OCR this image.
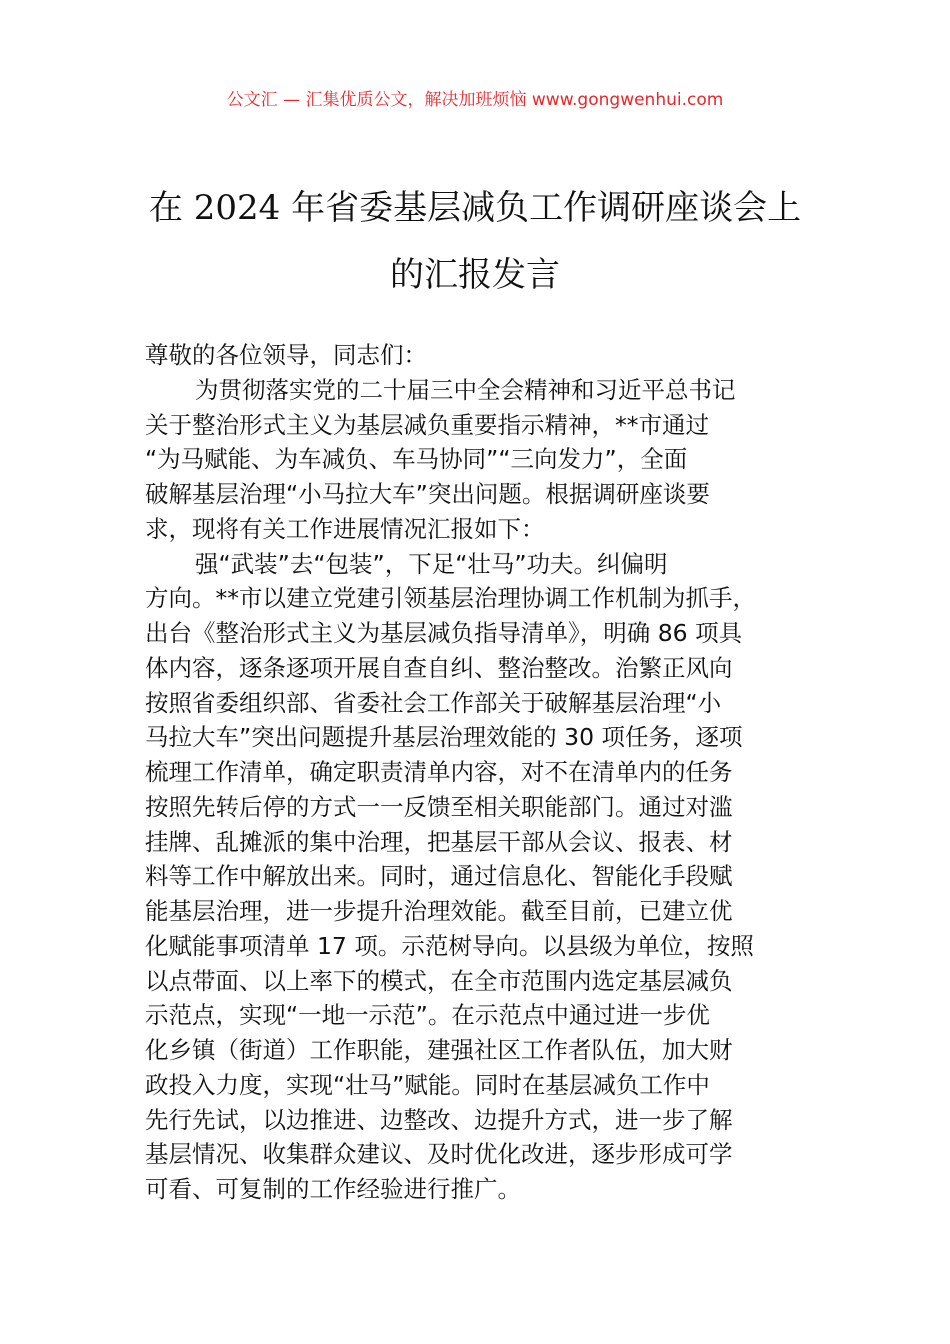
公文汇 — 汇集优质公文，解决加班烦恼 www.gongwenhui.com
在 2024 年省委基层减负工作调研座谈会上
的汇报发言
尊敬的各位领导，同志们：
为贯彻落实党的二十届三中全会精神和习近平总书记
关于整治形式主义为基层减负重要指示精神，**市通过
“为马赋能、为车减负、车马协同”“三向发力”，全面
破解基层治理“小马拉大车”突出问题。根据调研座谈要
求，现将有关工作进展情况汇报如下：
强“武装”去“包装”，下足“壮马”功夫。纠偏明
方向。**市以建立党建引领基层治理协调工作机制为抓手，
出台《整治形式主义为基层减负指导清单》，明确 86 项具
体内容，逐条逐项开展自查自纠、整治整改。治繁正风向
按照省委组织部、省委社会工作部关于破解基层治理“小
马拉大车”突出问题提升基层治理效能的 30 项任务，逐项
梳理工作清单，确定职责清单内容，对不在清单内的任务
按照先转后停的方式一一反馈至相关职能部门。通过对滥
挂牌、乱摊派的集中治理，把基层干部从会议、报表、材
料等工作中解放出来。同时，通过信息化、智能化手段赋
能基层治理，进一步提升治理效能。截至目前，已建立优
化赋能事项清单 17 项。示范树导向。以县级为单位，按照
以点带面、以上率下的模式，在全市范围内选定基层减负
示范点，实现“一地一示范”。在示范点中通过进一步优
化乡镇（街道）工作职能，建强社区工作者队伍，加大财
政投入力度，实现“壮马”赋能。同时在基层减负工作中
先行先试，以边推进、边整改、边提升方式，进一步了解
基层情况、收集群众建议、及时优化改进，逐步形成可学
可看、可复制的工作经验进行推广。
